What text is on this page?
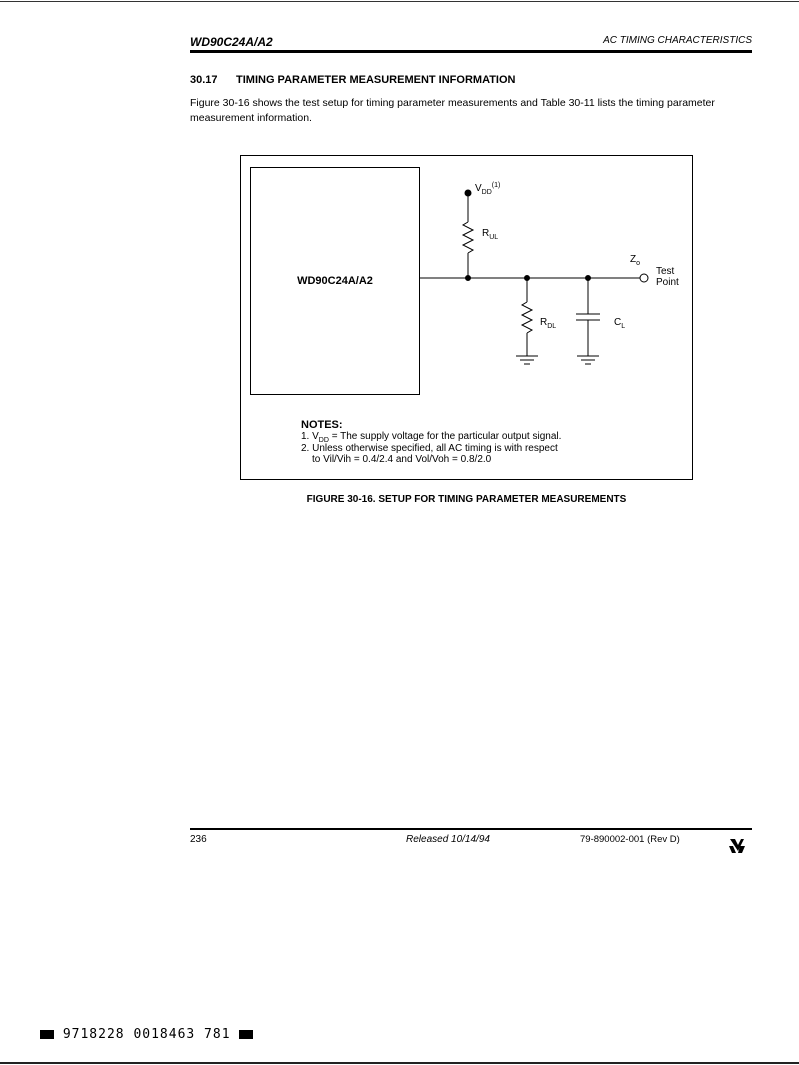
WD90C24A/A2	AC TIMING CHARACTERISTICS
30.17 TIMING PARAMETER MEASUREMENT INFORMATION
Figure 30-16 shows the test setup for timing parameter measurements and Table 30-11 lists the timing parameter measurement information.
WD90C24A/A2
$V_{DD}^{(1)}$
$R_{UL}$
$R_{DL}$	$C_L$
$Z_o$
Test
Point
NOTES:
1. $V_{DD}$ = The supply voltage for the particular output signal.
2. Unless otherwise specified, all AC timing is with respect
to Vil/Vih = 0.4/2.4 and Vol/Voh = 0.8/2.0
FIGURE 30-16. SETUP FOR TIMING PARAMETER MEASUREMENTS
236	Released 10/14/94	79-890002-001 (Rev D)
9718228 0018463 781
